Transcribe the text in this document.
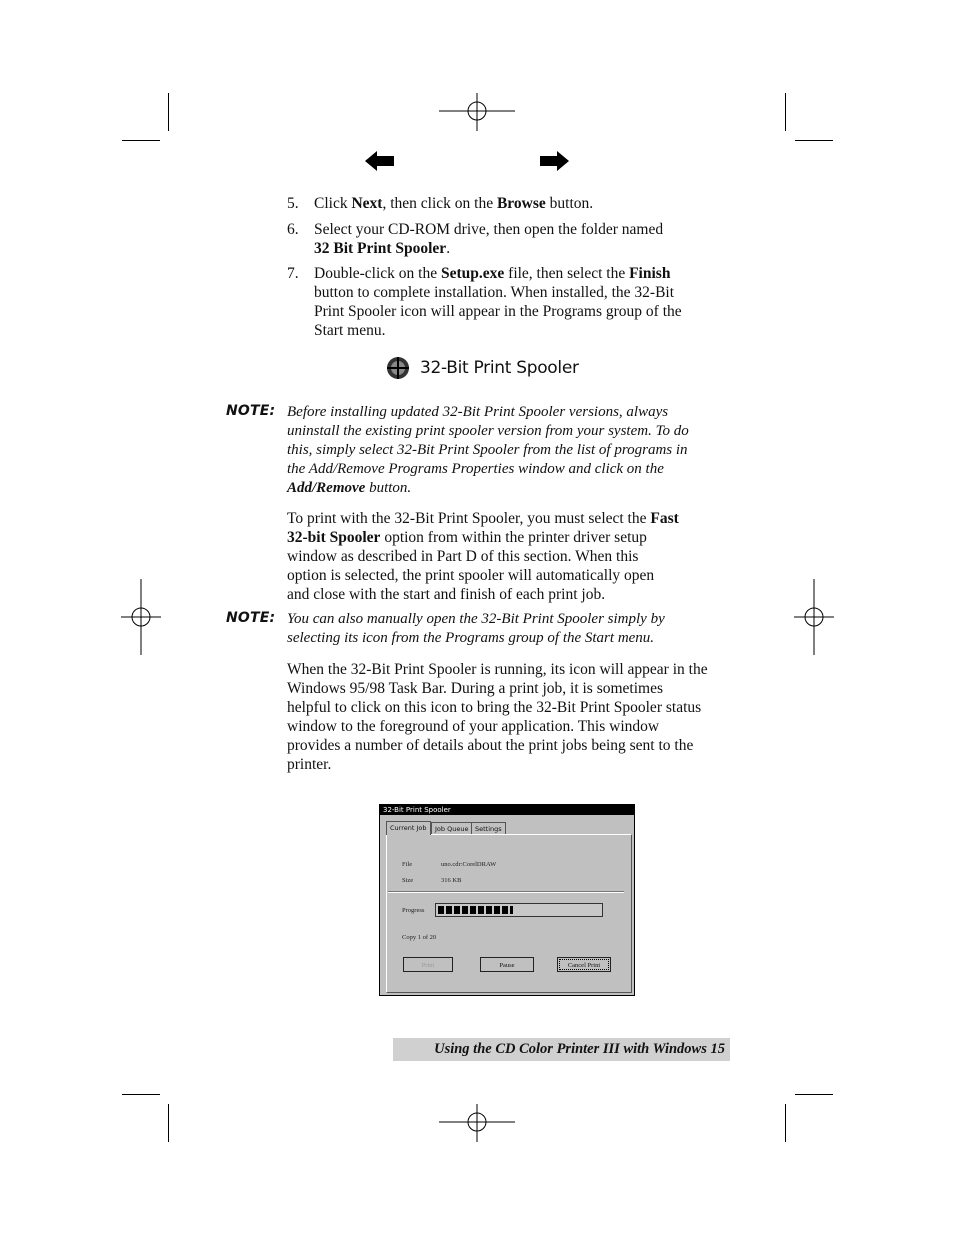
5. Click Next, then click on the Browse button.
6. Select your CD-ROM drive, then open the folder named
32 Bit Print Spooler.
7. Double-click on the Setup.exe file, then select the Finish
button to complete installation. When installed, the 32-Bit
Print Spooler icon will appear in the Programs group of the
Start menu.
32-Bit Print Spooler
NOTE: Before installing updated 32-Bit Print Spooler versions, always
uninstall the existing print spooler version from your system. To do
this, simply select 32-Bit Print Spooler from the list of programs in
the Add/Remove Programs Properties window and click on the
Add/Remove button.
To print with the 32-Bit Print Spooler, you must select the Fast
32-bit Spooler option from within the printer driver setup
window as described in Part D of this section. When this
option is selected, the print spooler will automatically open
and close with the start and finish of each print job.
NOTE: You can also manually open the 32-Bit Print Spooler simply by
selecting its icon from the Programs group of the Start menu.
When the 32-Bit Print Spooler is running, its icon will appear in the
Windows 95/98 Task Bar. During a print job, it is sometimes
helpful to click on this icon to bring the 32-Bit Print Spooler status
window to the foreground of your application. This window
provides a number of details about the print jobs being sent to the
printer.
32-Bit Print Spooler
Current Job	Job Queue	Settings
File	uno.cdr:CorelDRAW
Size	316 KB
Progress
Copy 1 of 20
Print	Pause	Cancel Print
Using the CD Color Printer III with Windows 15
